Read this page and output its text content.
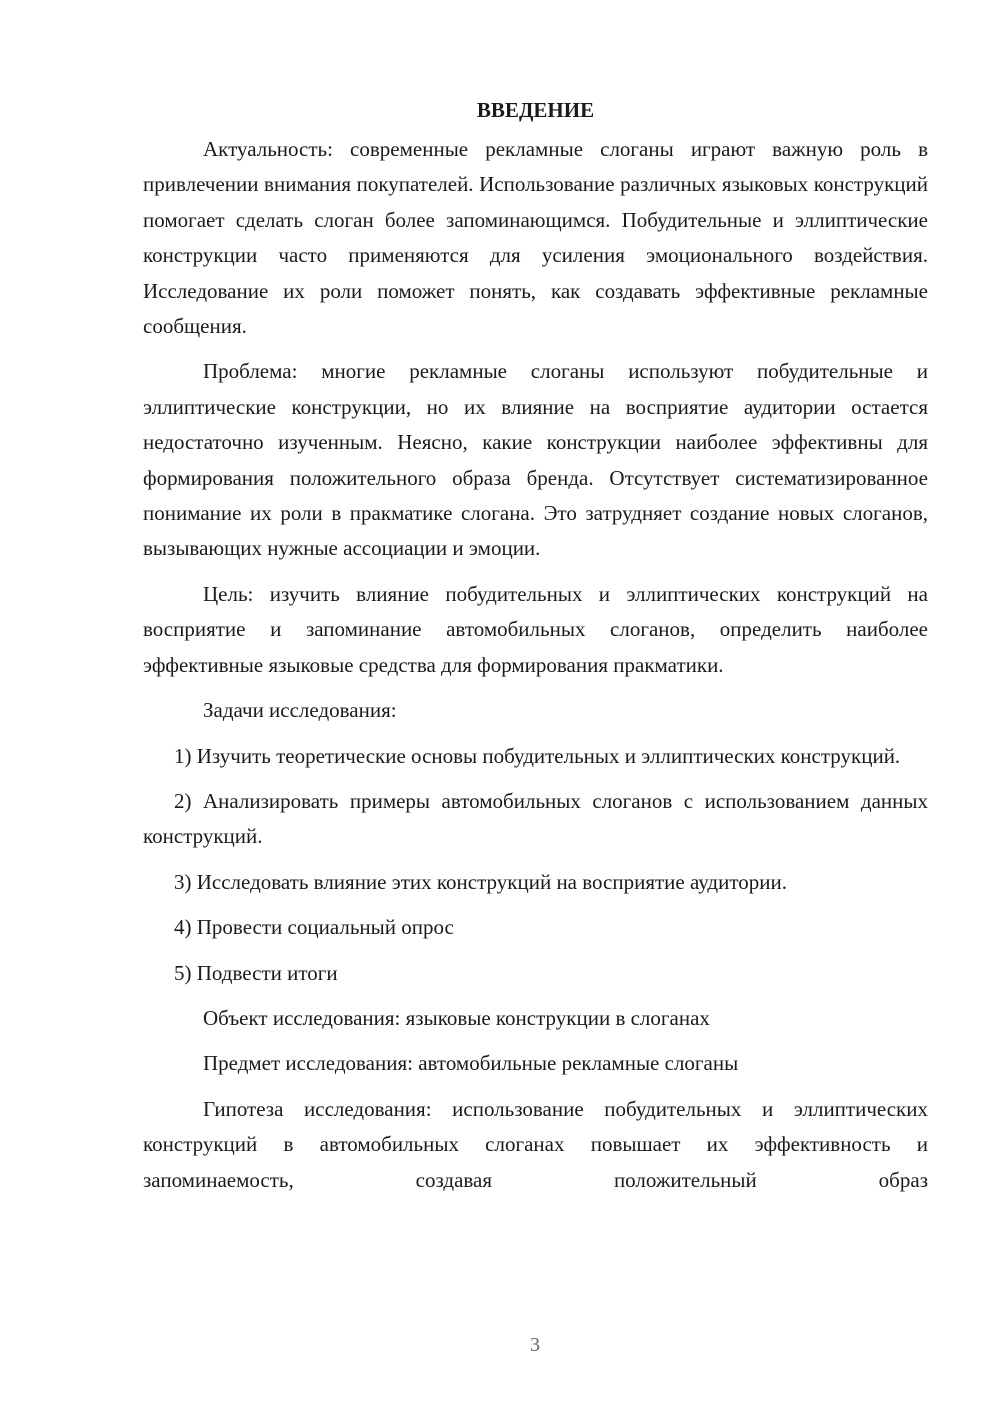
ВВЕДЕНИЕ

Актуальность: современные рекламные слоганы играют важную роль в привлечении внимания покупателей. Использование различных языковых конструкций помогает сделать слоган более запоминающимся. Побудительные и эллиптические конструкции часто применяются для усиления эмоционального воздействия. Исследование их роли поможет понять, как создавать эффективные рекламные сообщения.

Проблема: многие рекламные слоганы используют побудительные и эллиптические конструкции, но их влияние на восприятие аудитории остается недостаточно изученным. Неясно, какие конструкции наиболее эффективны для формирования положительного образа бренда. Отсутствует систематизированное понимание их роли в пракматике слогана. Это затрудняет создание новых слоганов, вызывающих нужные ассоциации и эмоции.

Цель: изучить влияние побудительных и эллиптических конструкций на восприятие и запоминание автомобильных слоганов, определить наиболее эффективные языковые средства для формирования пракматики.

Задачи исследования:

1) Изучить теоретические основы побудительных и эллиптических конструкций.

2) Анализировать примеры автомобильных слоганов с использованием данных конструкций.

3) Исследовать влияние этих конструкций на восприятие аудитории.
4) Провести социальный опрос
5) Подвести итоги
Объект исследования: языковые конструкции в слоганах
Предмет исследования: автомобильные рекламные слоганы

Гипотеза исследования: использование побудительных и эллиптических конструкций в автомобильных слоганах повышает их эффективность и запоминаемость, создавая положительный образ

3
